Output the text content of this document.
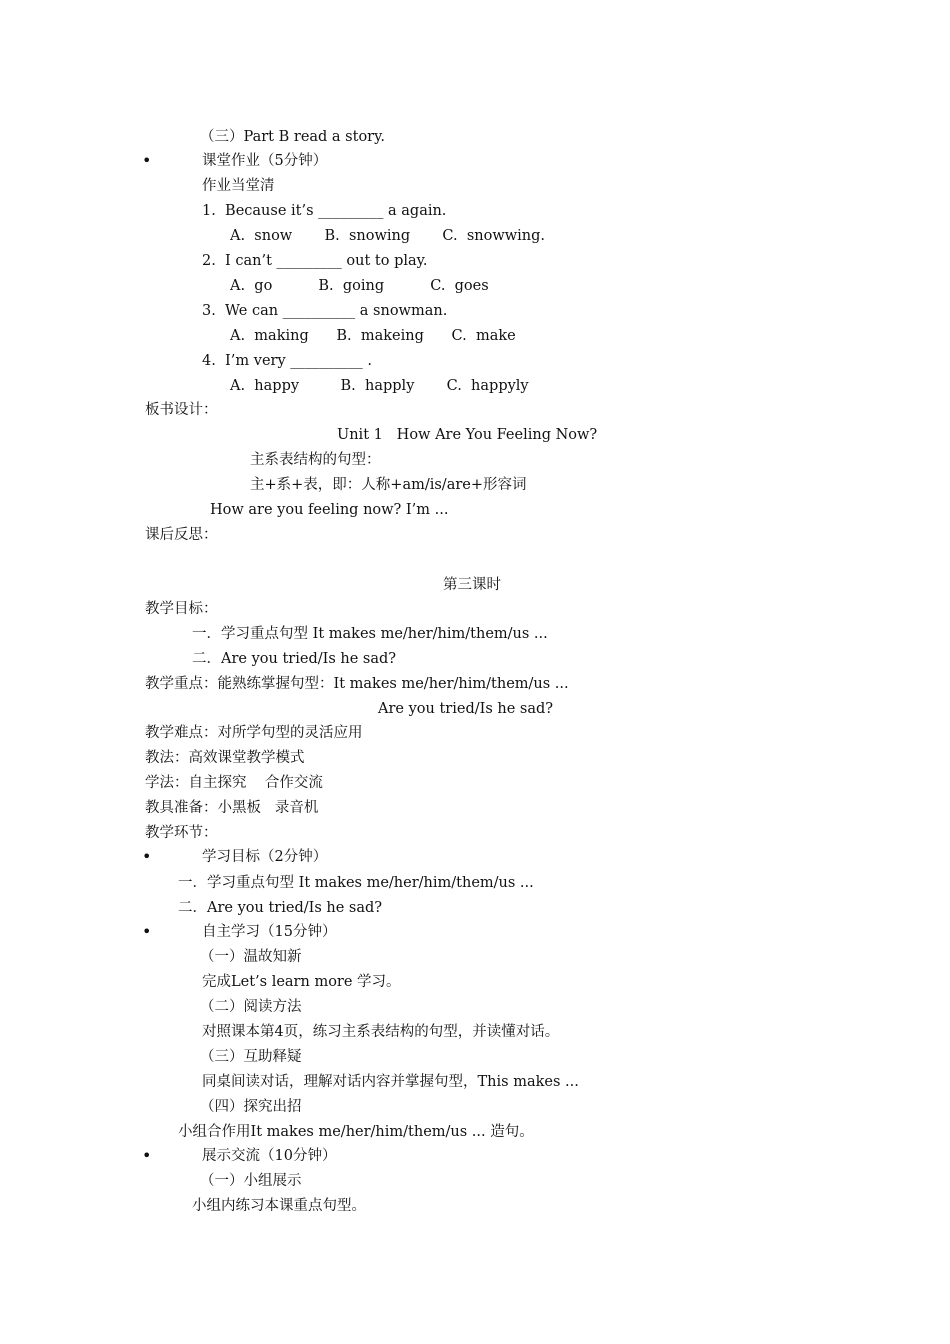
（三）Part B read a story.
•	课堂作业（5分钟）
作业当堂清
1.  Because it’s _________ a again.
A.  snow       B.  snowing       C.  snowwing.
2.  I can’t _________ out to play.
A.  go          B.  going          C.  goes
3.  We can __________ a snowman.
A.  making      B.  makeing      C.  make
4.  I’m very __________ .
A.  happy         B.  happly       C.  happyly
板书设计：
Unit 1   How Are You Feeling Now?
主系表结构的句型：
主+系+表，即：人称+am/is/are+形容词
How are you feeling now? I’m ...
课后反思：
第三课时
教学目标：
一．学习重点句型 It makes me/her/him/them/us ...
二．Are you tried/Is he sad?
教学重点：能熟练掌握句型：It makes me/her/him/them/us ...
Are you tried/Is he sad?
教学难点：对所学句型的灵活应用
教法：高效课堂教学模式
学法：自主探究    合作交流
教具准备：小黑板   录音机
教学环节：
•	学习目标（2分钟）
一．学习重点句型 It makes me/her/him/them/us ...
二．Are you tried/Is he sad?
•	自主学习（15分钟）
（一）温故知新
完成Let’s learn more 学习。
（二）阅读方法
对照课本第4页，练习主系表结构的句型，并读懂对话。
（三）互助释疑
同桌间读对话，理解对话内容并掌握句型，This makes ...
（四）探究出招
小组合作用It makes me/her/him/them/us ... 造句。
•	展示交流（10分钟）
（一）小组展示
小组内练习本课重点句型。
